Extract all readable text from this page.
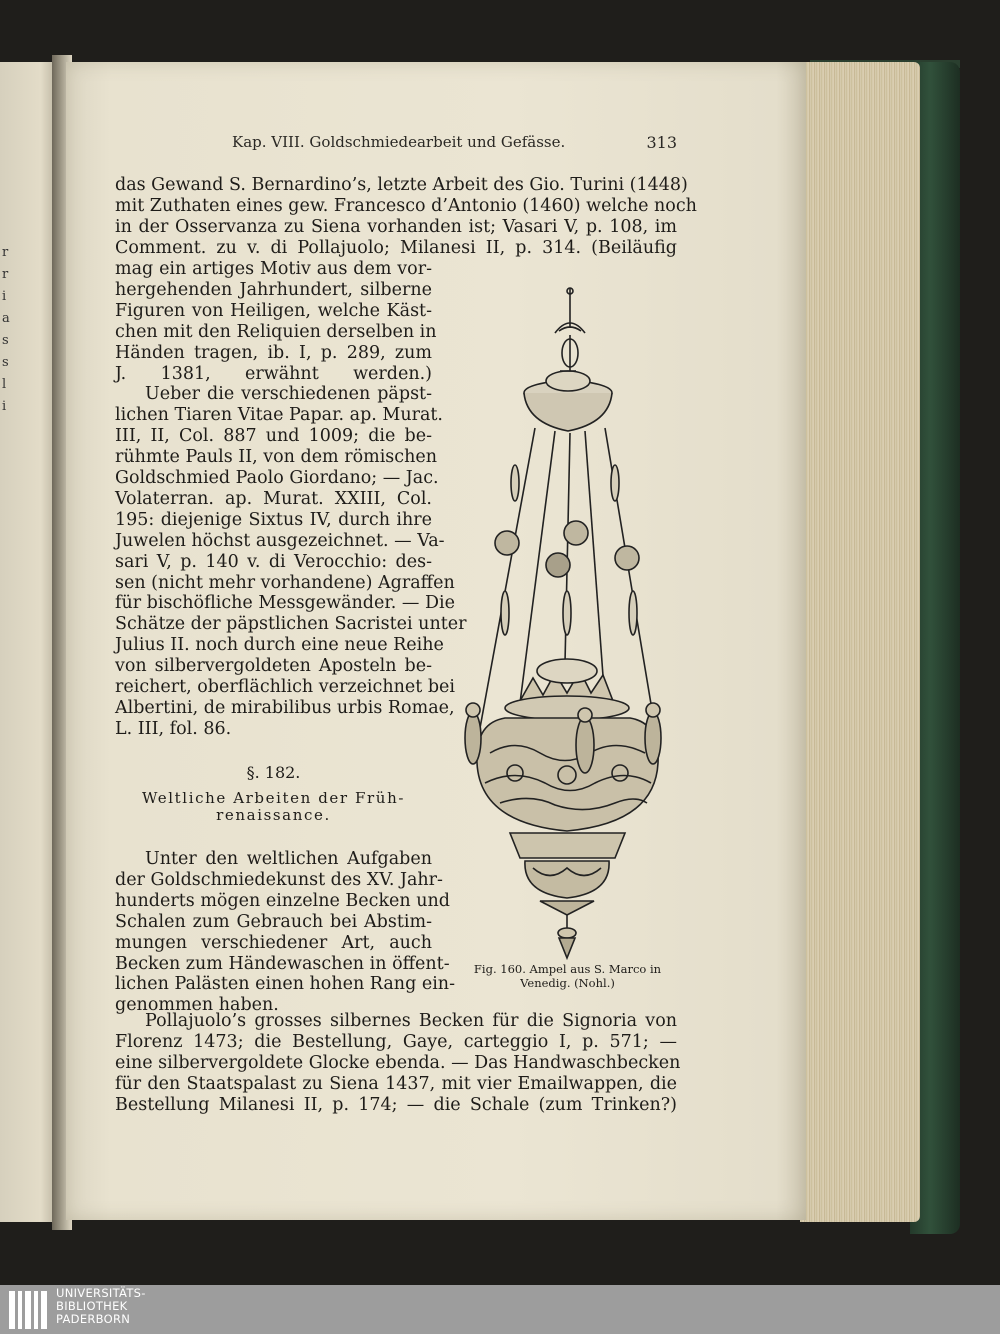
r
r
i
a
s
s
l
i
Kap. VIII. Goldschmiedearbeit und Gefässe.	313
das Gewand S. Bernardino’s, letzte Arbeit des Gio. Turini (1448)
mit Zuthaten eines gew. Francesco d’Antonio (1460) welche noch
in der Osservanza zu Siena vorhanden ist; Vasari V, p. 108, im
Comment. zu v. di Pollajuolo; Milanesi II, p. 314. (Beiläufig
mag ein artiges Motiv aus dem vor-
hergehenden Jahrhundert, silberne
Figuren von Heiligen, welche Käst-
chen mit den Reliquien derselben in
Händen tragen, ib. I, p. 289, zum
J. 1381, erwähnt werden.)
Ueber die verschiedenen päpst-
lichen Tiaren Vitae Papar. ap. Murat.
III, II, Col. 887 und 1009; die be-
rühmte Pauls II, von dem römischen
Goldschmied Paolo Giordano; — Jac.
Volaterran. ap. Murat. XXIII, Col.
195: diejenige Sixtus IV, durch ihre
Juwelen höchst ausgezeichnet. — Va-
sari V, p. 140 v. di Verocchio: des-
sen (nicht mehr vorhandene) Agraffen
für bischöfliche Messgewänder. — Die
Schätze der päpstlichen Sacristei unter
Julius II. noch durch eine neue Reihe
von silbervergoldeten Aposteln be-
reichert, oberflächlich verzeichnet bei
Albertini, de mirabilibus urbis Romae,
L. III, fol. 86.
Unter den weltlichen Aufgaben
der Goldschmiedekunst des XV. Jahr-
hunderts mögen einzelne Becken und
Schalen zum Gebrauch bei Abstim-
mungen verschiedener Art, auch
Becken zum Händewaschen in öffent-
lichen Palästen einen hohen Rang ein-
genommen haben.
Pollajuolo’s grosses silbernes Becken für die Signoria von
Florenz 1473; die Bestellung, Gaye, carteggio I, p. 571; —
eine silbervergoldete Glocke ebenda. — Das Handwaschbecken
für den Staatspalast zu Siena 1437, mit vier Emailwappen, die
Bestellung Milanesi II, p. 174; — die Schale (zum Trinken?)
§. 182.
Weltliche Arbeiten der Früh-
renaissance.
Fig. 160. Ampel aus S. Marco in
Venedig. (Nohl.)
UNIVERSITÄTS-
BIBLIOTHEK
PADERBORN
